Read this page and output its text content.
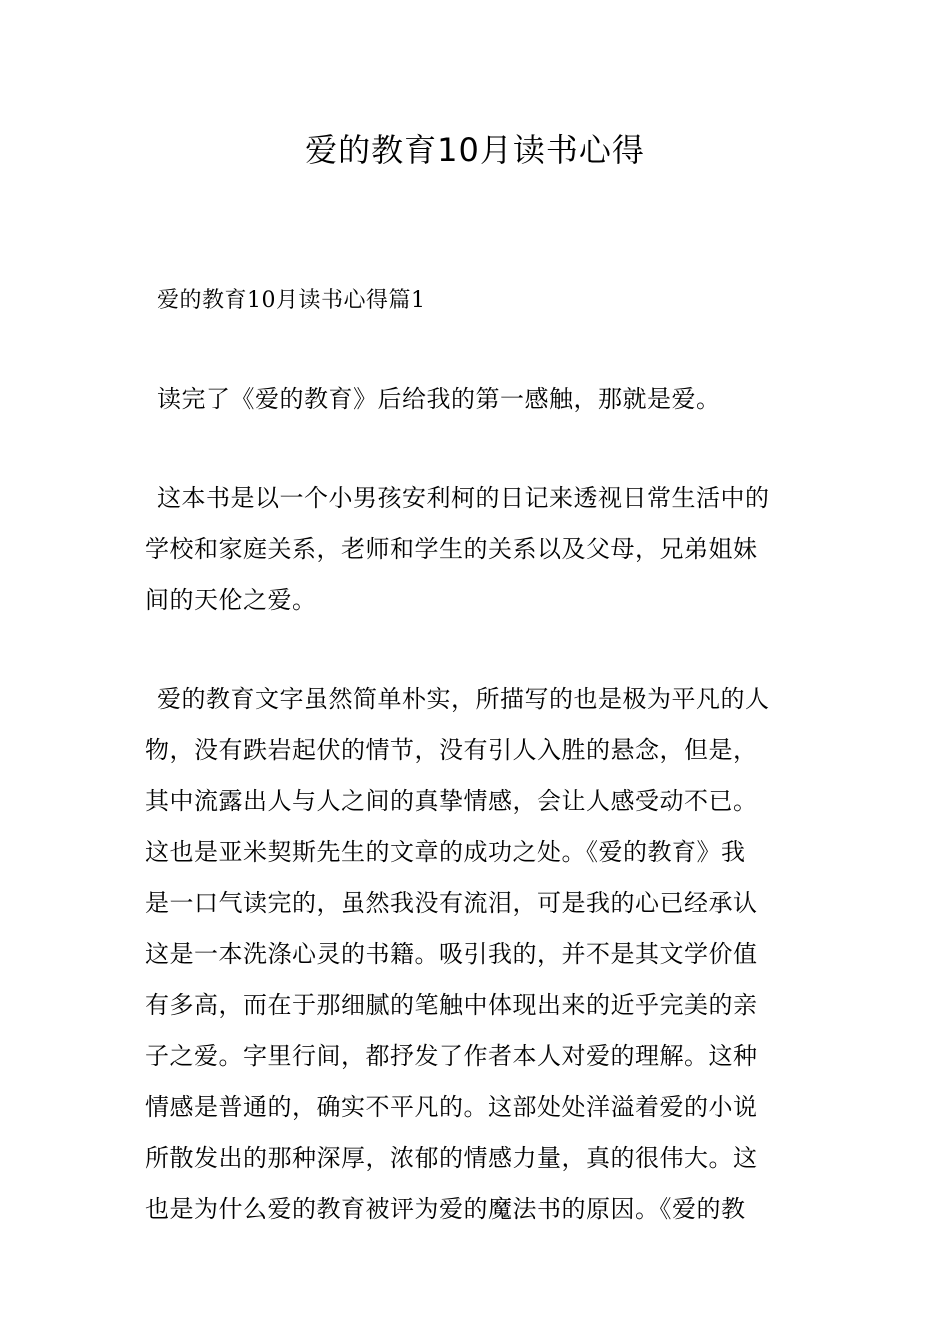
爱的教育10月读书心得
爱的教育10月读书心得篇1
读完了《爱的教育》后给我的第一感触，那就是爱。
这本书是以一个小男孩安利柯的日记来透视日常生活中的
学校和家庭关系，老师和学生的关系以及父母，兄弟姐妹
间的天伦之爱。
爱的教育文字虽然简单朴实，所描写的也是极为平凡的人
物，没有跌岩起伏的情节，没有引人入胜的悬念，但是，
其中流露出人与人之间的真挚情感，会让人感受动不已。
这也是亚米契斯先生的文章的成功之处。《爱的教育》我
是一口气读完的，虽然我没有流泪，可是我的心已经承认
这是一本洗涤心灵的书籍。吸引我的，并不是其文学价值
有多高，而在于那细腻的笔触中体现出来的近乎完美的亲
子之爱。字里行间，都抒发了作者本人对爱的理解。这种
情感是普通的，确实不平凡的。这部处处洋溢着爱的小说
所散发出的那种深厚，浓郁的情感力量，真的很伟大。这
也是为什么爱的教育被评为爱的魔法书的原因。《爱的教
